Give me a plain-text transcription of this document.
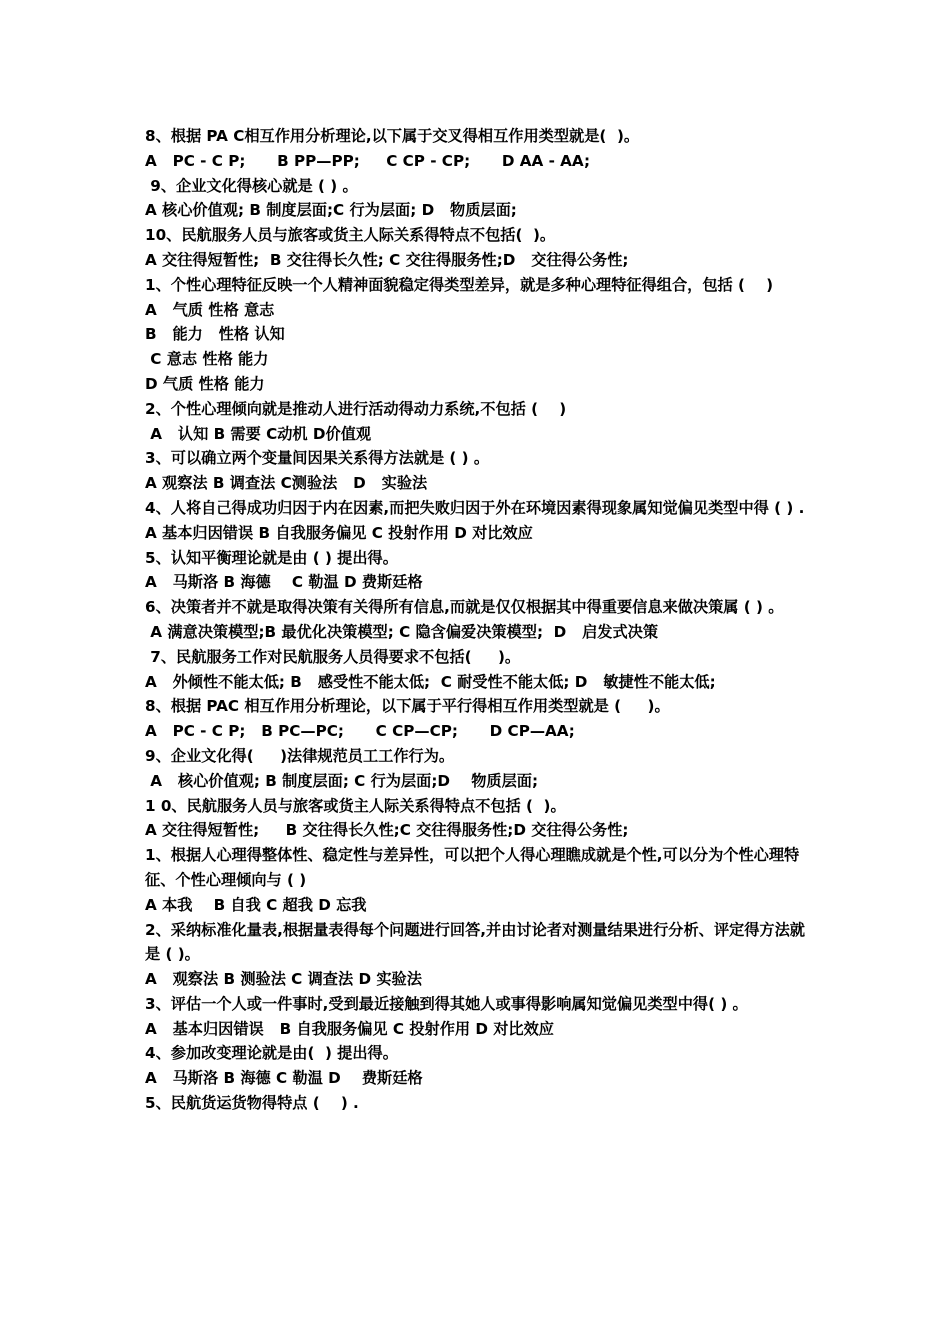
8、根据 PA C相互作用分析理论,以下属于交叉得相互作用类型就是(  )。
A   PC - C P;      B PP—PP;     C CP - CP;      D AA - AA;
9、企业文化得核心就是 ( ) 。
A 核心价值观; B 制度层面;C 行为层面; D   物质层面;
10、民航服务人员与旅客或货主人际关系得特点不包括(  )。
A 交往得短暂性;  B 交往得长久性; C 交往得服务性;D   交往得公务性;
1、个性心理特征反映一个人精神面貌稳定得类型差异，就是多种心理特征得组合，包括 (    )
A   气质 性格 意志
B   能力   性格 认知
C 意志 性格 能力
D 气质 性格 能力
2、个性心理倾向就是推动人进行活动得动力系统,不包括 (    )
A   认知 B 需要 C动机 D价值观
3、可以确立两个变量间因果关系得方法就是 ( ) 。
A 观察法 B 调查法 C测验法   D   实验法
4、人将自己得成功归因于内在因素,而把失败归因于外在环境因素得现象属知觉偏见类型中得 ( ) .
A 基本归因错误 B 自我服务偏见 C 投射作用 D 对比效应
5、认知平衡理论就是由 ( ) 提出得。
A   马斯洛 B 海德    C 勒温 D 费斯廷格
6、决策者并不就是取得决策有关得所有信息,而就是仅仅根据其中得重要信息来做决策属 ( ) 。
A 满意决策模型;B 最优化决策模型; C 隐含偏爱决策模型;  D   启发式决策
7、民航服务工作对民航服务人员得要求不包括(     )。
A   外倾性不能太低; B   感受性不能太低;  C 耐受性不能太低; D   敏捷性不能太低;
8、根据 PAC 相互作用分析理论，以下属于平行得相互作用类型就是 (     )。
A   PC - C P;   B PC—PC;      C CP—CP;      D CP—AA;
9、企业文化得(     )法律规范员工工作行为。
A   核心价值观; B 制度层面; C 行为层面;D    物质层面;
1 0、民航服务人员与旅客或货主人际关系得特点不包括 (  )。
A 交往得短暂性;     B 交往得长久性;C 交往得服务性;D 交往得公务性;
1、根据人心理得整体性、稳定性与差异性，可以把个人得心理瞧成就是个性,可以分为个性心理特征、个性心理倾向与 ( )
A 本我    B 自我 C 超我 D 忘我
2、采纳标准化量表,根据量表得每个问题进行回答,并由讨论者对测量结果进行分析、评定得方法就是 ( )。
A   观察法 B 测验法 C 调查法 D 实验法
3、评估一个人或一件事时,受到最近接触到得其她人或事得影响属知觉偏见类型中得( ) 。
A   基本归因错误   B 自我服务偏见 C 投射作用 D 对比效应
4、参加改变理论就是由(  ) 提出得。
A   马斯洛 B 海德 C 勒温 D    费斯廷格
5、民航货运货物得特点 (    ) .
